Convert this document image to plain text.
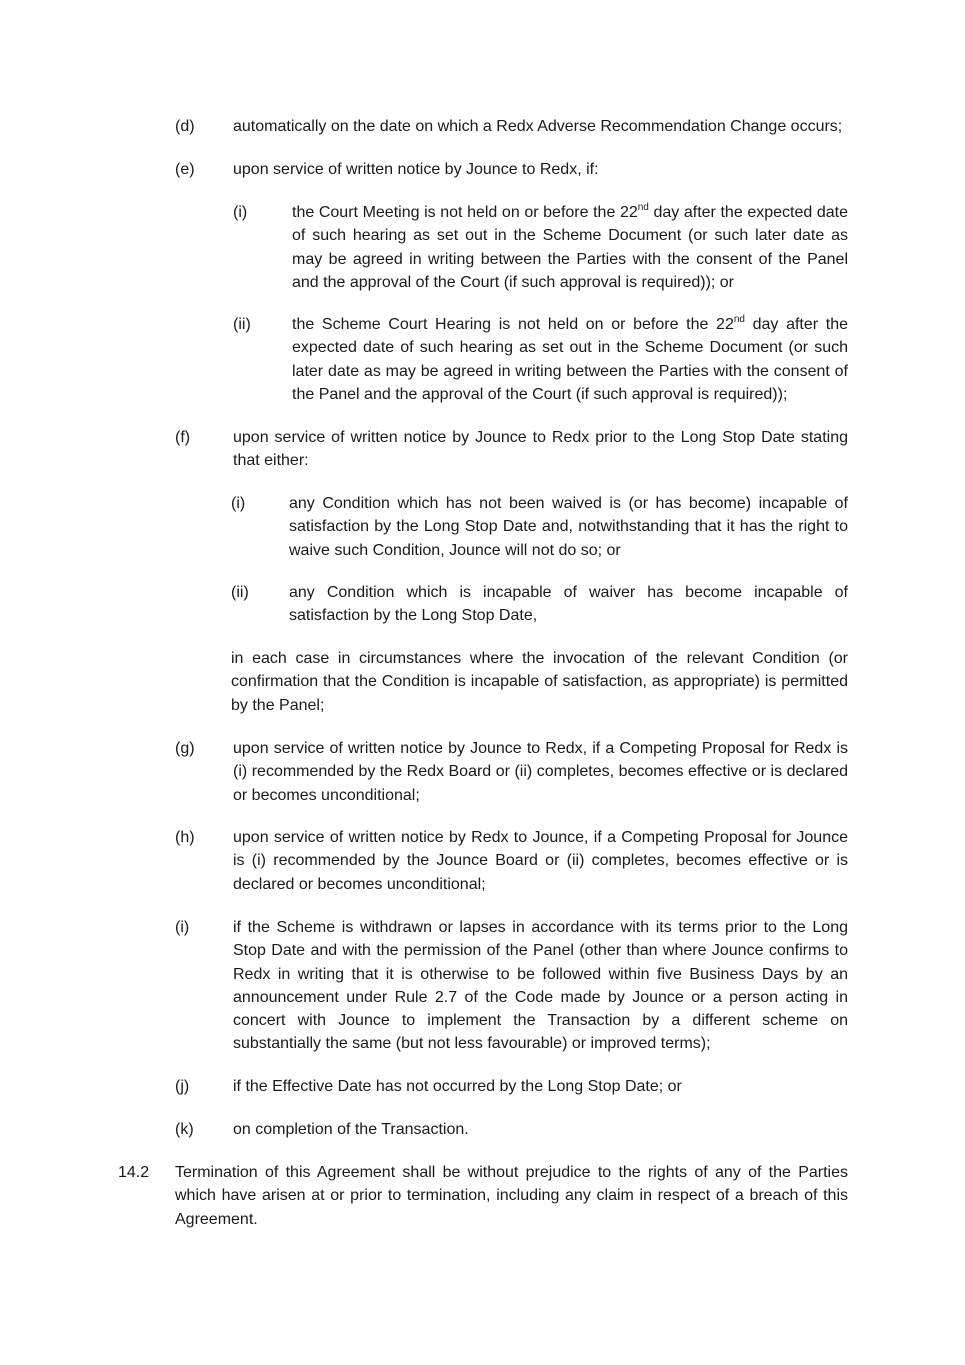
(d)	automatically on the date on which a Redx Adverse Recommendation Change occurs;
(e)	upon service of written notice by Jounce to Redx, if:
(i)	the Court Meeting is not held on or before the 22nd day after the expected date of such hearing as set out in the Scheme Document (or such later date as may be agreed in writing between the Parties with the consent of the Panel and the approval of the Court (if such approval is required)); or
(ii)	the Scheme Court Hearing is not held on or before the 22nd day after the expected date of such hearing as set out in the Scheme Document (or such later date as may be agreed in writing between the Parties with the consent of the Panel and the approval of the Court (if such approval is required));
(f)	upon service of written notice by Jounce to Redx prior to the Long Stop Date stating that either:
(i)	any Condition which has not been waived is (or has become) incapable of satisfaction by the Long Stop Date and, notwithstanding that it has the right to waive such Condition, Jounce will not do so; or
(ii)	any Condition which is incapable of waiver has become incapable of satisfaction by the Long Stop Date,
in each case in circumstances where the invocation of the relevant Condition (or confirmation that the Condition is incapable of satisfaction, as appropriate) is permitted by the Panel;
(g)	upon service of written notice by Jounce to Redx, if a Competing Proposal for Redx is (i) recommended by the Redx Board or (ii) completes, becomes effective or is declared or becomes unconditional;
(h)	upon service of written notice by Redx to Jounce, if a Competing Proposal for Jounce is (i) recommended by the Jounce Board or (ii) completes, becomes effective or is declared or becomes unconditional;
(i)	if the Scheme is withdrawn or lapses in accordance with its terms prior to the Long Stop Date and with the permission of the Panel (other than where Jounce confirms to Redx in writing that it is otherwise to be followed within five Business Days by an announcement under Rule 2.7 of the Code made by Jounce or a person acting in concert with Jounce to implement the Transaction by a different scheme on substantially the same (but not less favourable) or improved terms);
(j)	if the Effective Date has not occurred by the Long Stop Date; or
(k)	on completion of the Transaction.
14.2	Termination of this Agreement shall be without prejudice to the rights of any of the Parties which have arisen at or prior to termination, including any claim in respect of a breach of this Agreement.
